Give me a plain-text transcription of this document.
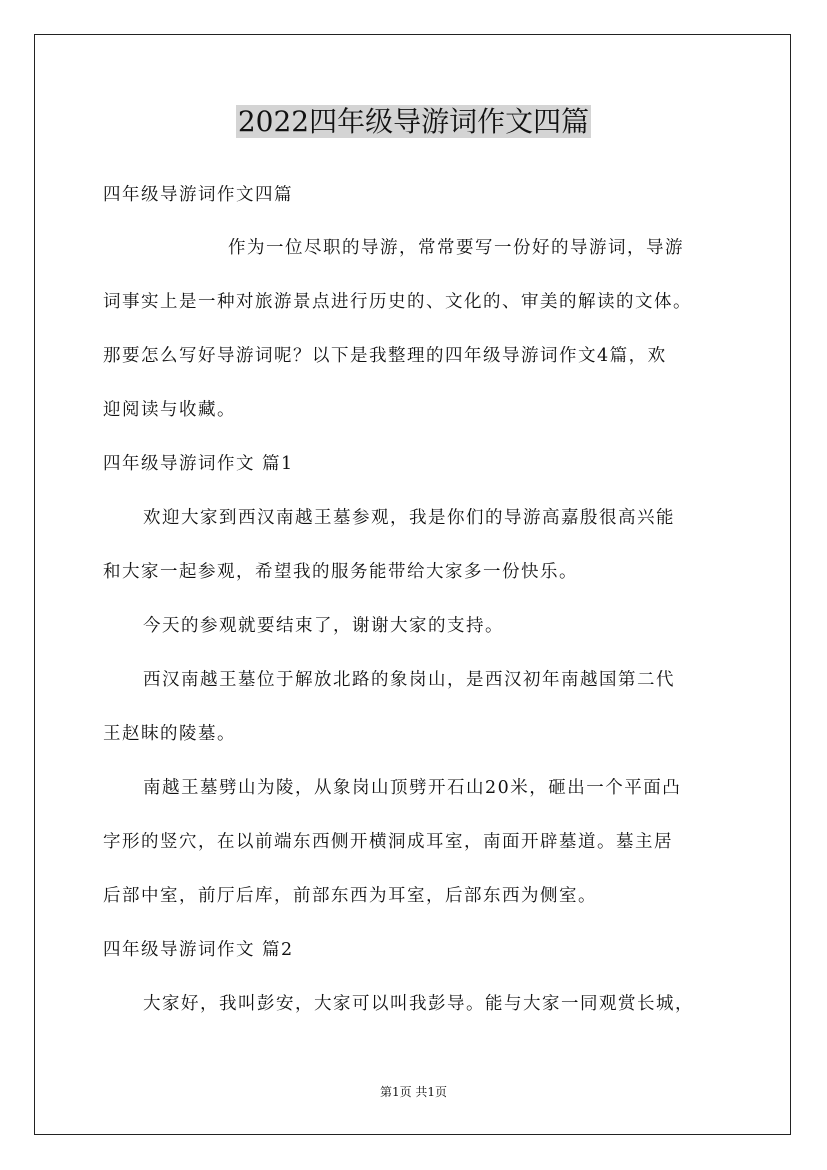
2022四年级导游词作文四篇
四年级导游词作文四篇
作为一位尽职的导游，常常要写一份好的导游词，导游
词事实上是一种对旅游景点进行历史的、文化的、审美的解读的文体。
那要怎么写好导游词呢？以下是我整理的四年级导游词作文4篇，欢
迎阅读与收藏。
四年级导游词作文 篇1
欢迎大家到西汉南越王墓参观，我是你们的导游高嘉殷很高兴能
和大家一起参观，希望我的服务能带给大家多一份快乐。
今天的参观就要结束了，谢谢大家的支持。
西汉南越王墓位于解放北路的象岗山，是西汉初年南越国第二代
王赵眜的陵墓。
南越王墓劈山为陵，从象岗山顶劈开石山20米，砸出一个平面凸
字形的竖穴，在以前端东西侧开横洞成耳室，南面开辟墓道。墓主居
后部中室，前厅后库，前部东西为耳室，后部东西为侧室。
四年级导游词作文 篇2
大家好，我叫彭安，大家可以叫我彭导。能与大家一同观赏长城，
第1页 共1页
